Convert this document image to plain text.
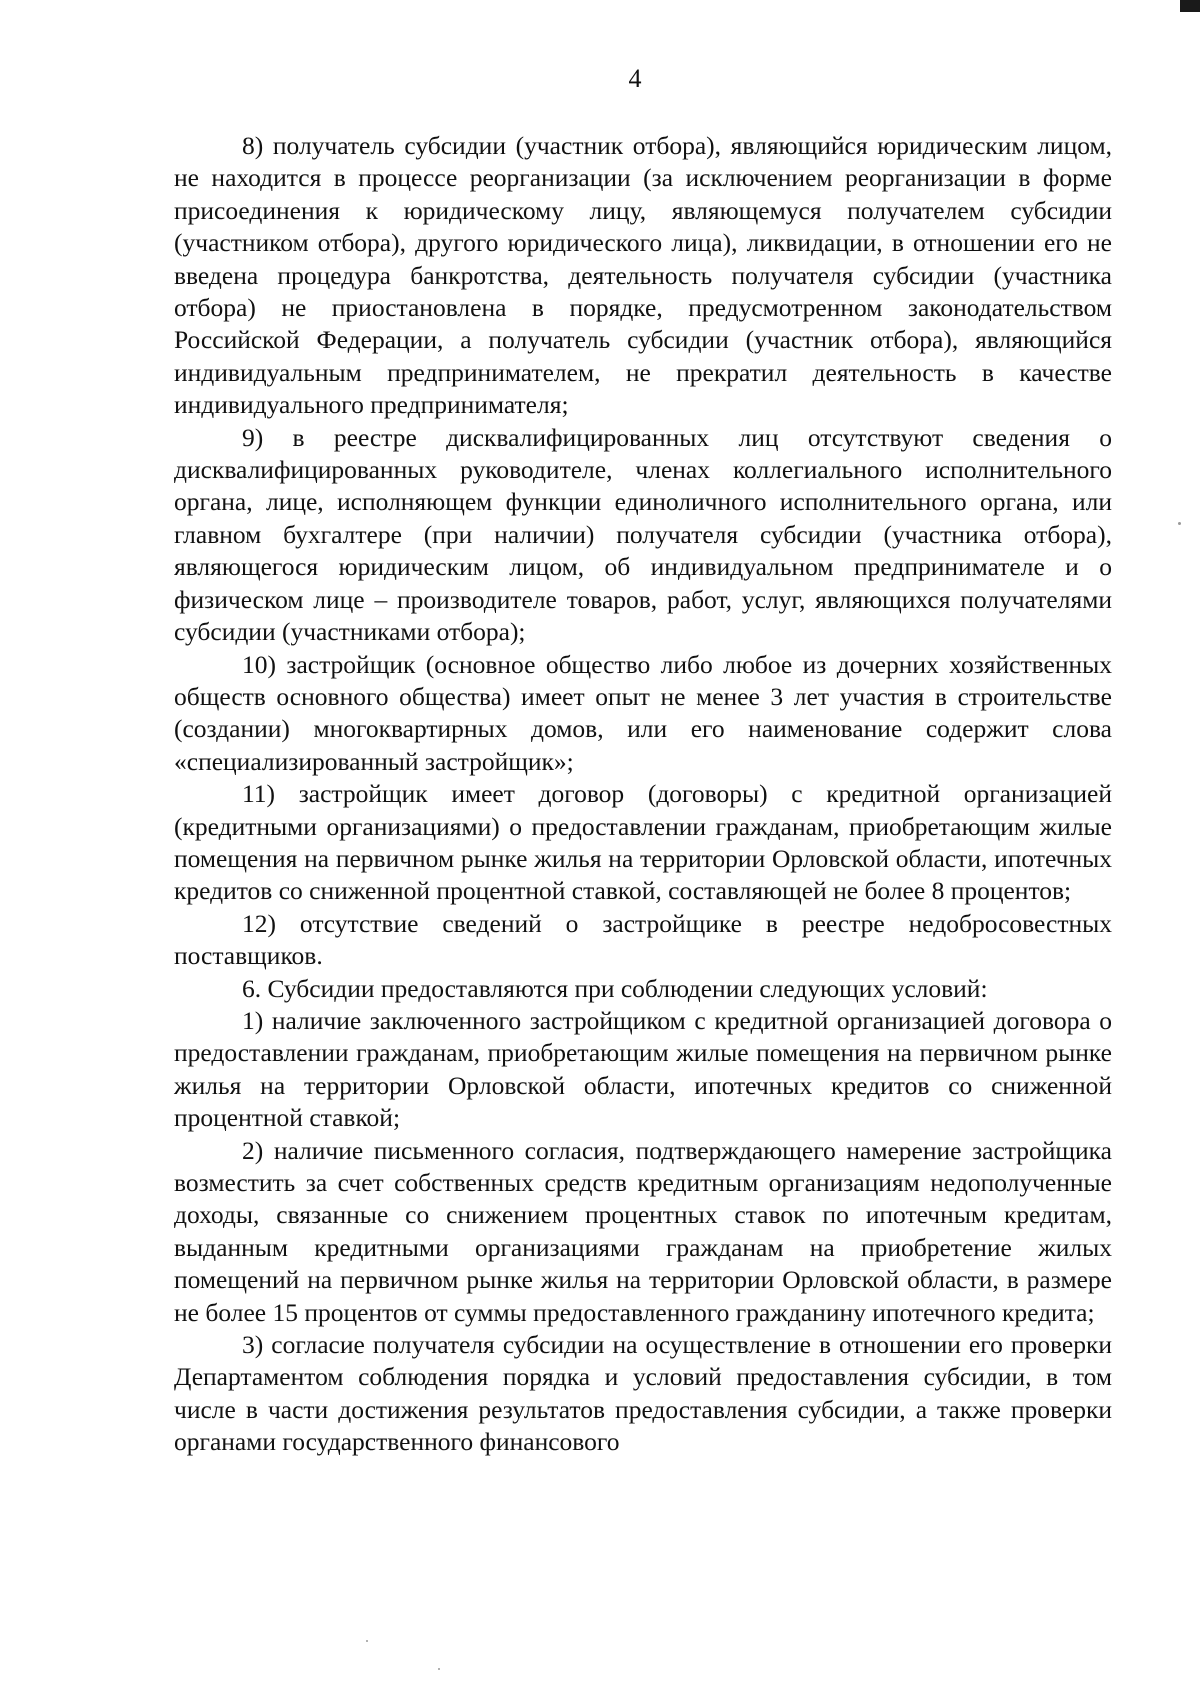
4

8) получатель субсидии (участник отбора), являющийся юридическим лицом, не находится в процессе реорганизации (за исключением реорганизации в форме присоединения к юридическому лицу, являющемуся получателем субсидии (участником отбора), другого юридического лица), ликвидации, в отношении его не введена процедура банкротства, деятельность получателя субсидии (участника отбора) не приостановлена в порядке, предусмотренном законодательством Российской Федерации, а получатель субсидии (участник отбора), являющийся индивидуальным предпринимателем, не прекратил деятельность в качестве индивидуального предпринимателя;

9) в реестре дисквалифицированных лиц отсутствуют сведения о дисквалифицированных руководителе, членах коллегиального исполнительного органа, лице, исполняющем функции единоличного исполнительного органа, или главном бухгалтере (при наличии) получателя субсидии (участника отбора), являющегося юридическим лицом, об индивидуальном предпринимателе и о физическом лице – производителе товаров, работ, услуг, являющихся получателями субсидии (участниками отбора);

10) застройщик (основное общество либо любое из дочерних хозяйственных обществ основного общества) имеет опыт не менее 3 лет участия в строительстве (создании) многоквартирных домов, или его наименование содержит слова «специализированный застройщик»;

11) застройщик имеет договор (договоры) с кредитной организацией (кредитными организациями) о предоставлении гражданам, приобретающим жилые помещения на первичном рынке жилья на территории Орловской области, ипотечных кредитов со сниженной процентной ставкой, составляющей не более 8 процентов;

12) отсутствие сведений о застройщике в реестре недобросовестных поставщиков.

6. Субсидии предоставляются при соблюдении следующих условий:

1) наличие заключенного застройщиком с кредитной организацией договора о предоставлении гражданам, приобретающим жилые помещения на первичном рынке жилья на территории Орловской области, ипотечных кредитов со сниженной процентной ставкой;

2) наличие письменного согласия, подтверждающего намерение застройщика возместить за счет собственных средств кредитным организациям недополученные доходы, связанные со снижением процентных ставок по ипотечным кредитам, выданным кредитными организациями гражданам на приобретение жилых помещений на первичном рынке жилья на территории Орловской области, в размере не более 15 процентов от суммы предоставленного гражданину ипотечного кредита;

3) согласие получателя субсидии на осуществление в отношении его проверки Департаментом соблюдения порядка и условий предоставления субсидии, в том числе в части достижения результатов предоставления субсидии, а также проверки органами государственного финансового
